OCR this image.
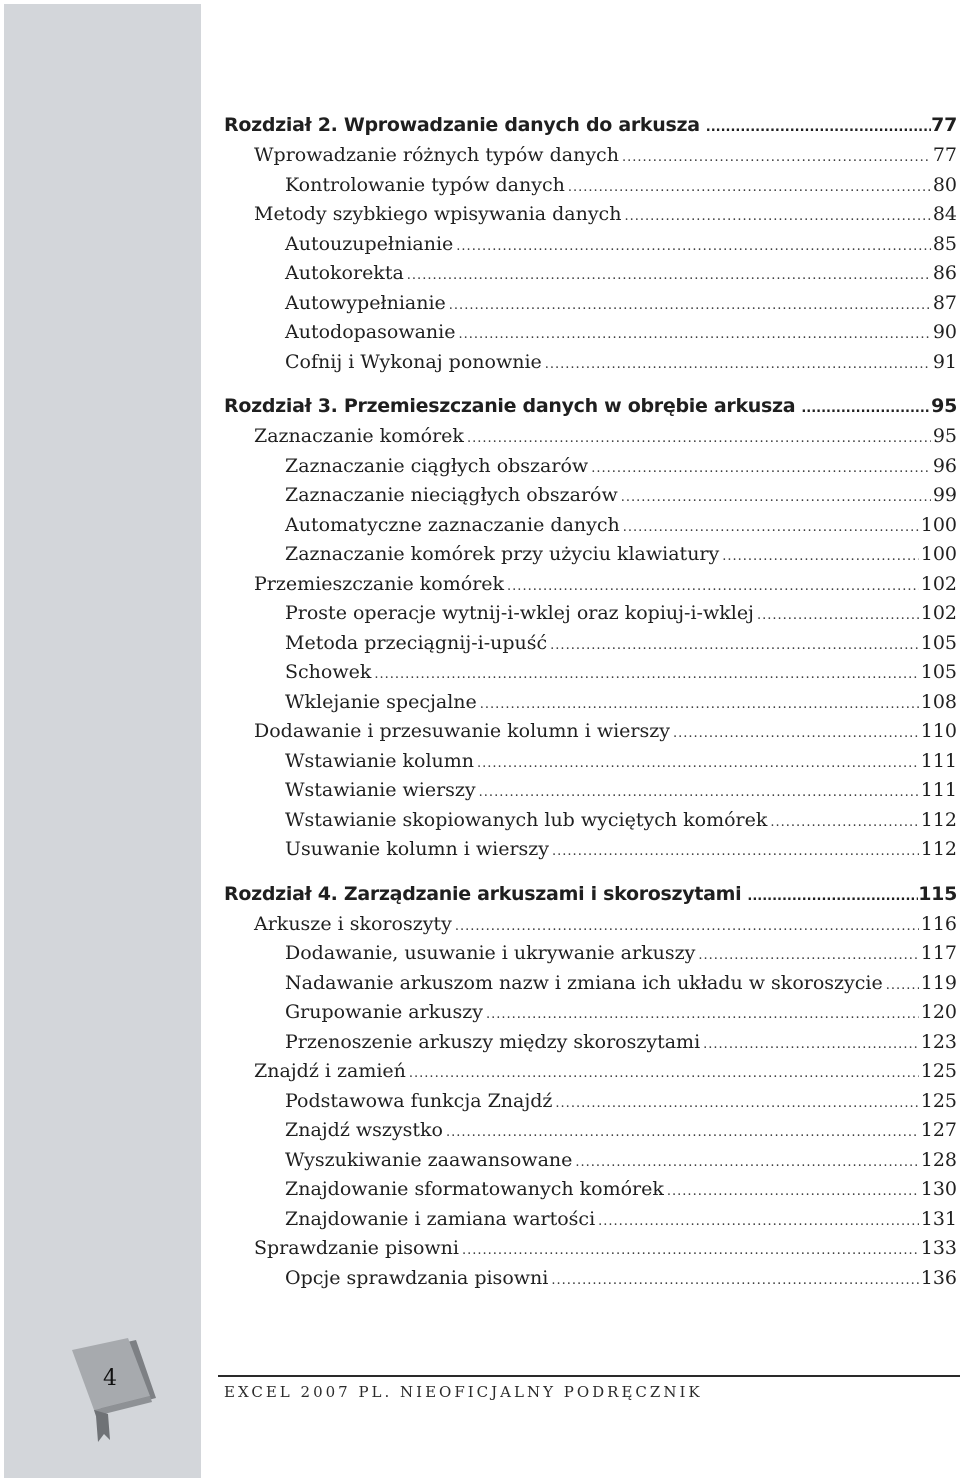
Rozdział 2. Wprowadzanie danych do arkusza .....	77
Wprowadzanie różnych typów danych .....	77
Kontrolowanie typów danych .....	80
Metody szybkiego wpisywania danych .....	84
Autouzupełnianie .....	85
Autokorekta .....	86
Autowypełnianie .....	87
Autodopasowanie .....	90
Cofnij i Wykonaj ponownie .....	91
Rozdział 3. Przemieszczanie danych w obrębie arkusza .....	95
Zaznaczanie komórek .....	95
Zaznaczanie ciągłych obszarów .....	96
Zaznaczanie nieciągłych obszarów .....	99
Automatyczne zaznaczanie danych .....	100
Zaznaczanie komórek przy użyciu klawiatury .....	100
Przemieszczanie komórek .....	102
Proste operacje wytnij-i-wklej oraz kopiuj-i-wklej .....	102
Metoda przeciągnij-i-upuść .....	105
Schowek .....	105
Wklejanie specjalne .....	108
Dodawanie i przesuwanie kolumn i wierszy .....	110
Wstawianie kolumn .....	111
Wstawianie wierszy .....	111
Wstawianie skopiowanych lub wyciętych komórek .....	112
Usuwanie kolumn i wierszy .....	112
Rozdział 4. Zarządzanie arkuszami i skoroszytami .....	115
Arkusze i skoroszyty .....	116
Dodawanie, usuwanie i ukrywanie arkuszy .....	117
Nadawanie arkuszom nazw i zmiana ich układu w skoroszycie ..... 119
Grupowanie arkuszy .....	120
Przenoszenie arkuszy między skoroszytami .....	123
Znajdź i zamień .....	125
Podstawowa funkcja Znajdź .....	125
Znajdź wszystko .....	127
Wyszukiwanie zaawansowane .....	128
Znajdowanie sformatowanych komórek .....	130
Znajdowanie i zamiana wartości .....	131
Sprawdzanie pisowni .....	133
Opcje sprawdzania pisowni .....	136
EXCEL 2007 PL. NIEOFICJALNY PODRĘCZNIK
4
